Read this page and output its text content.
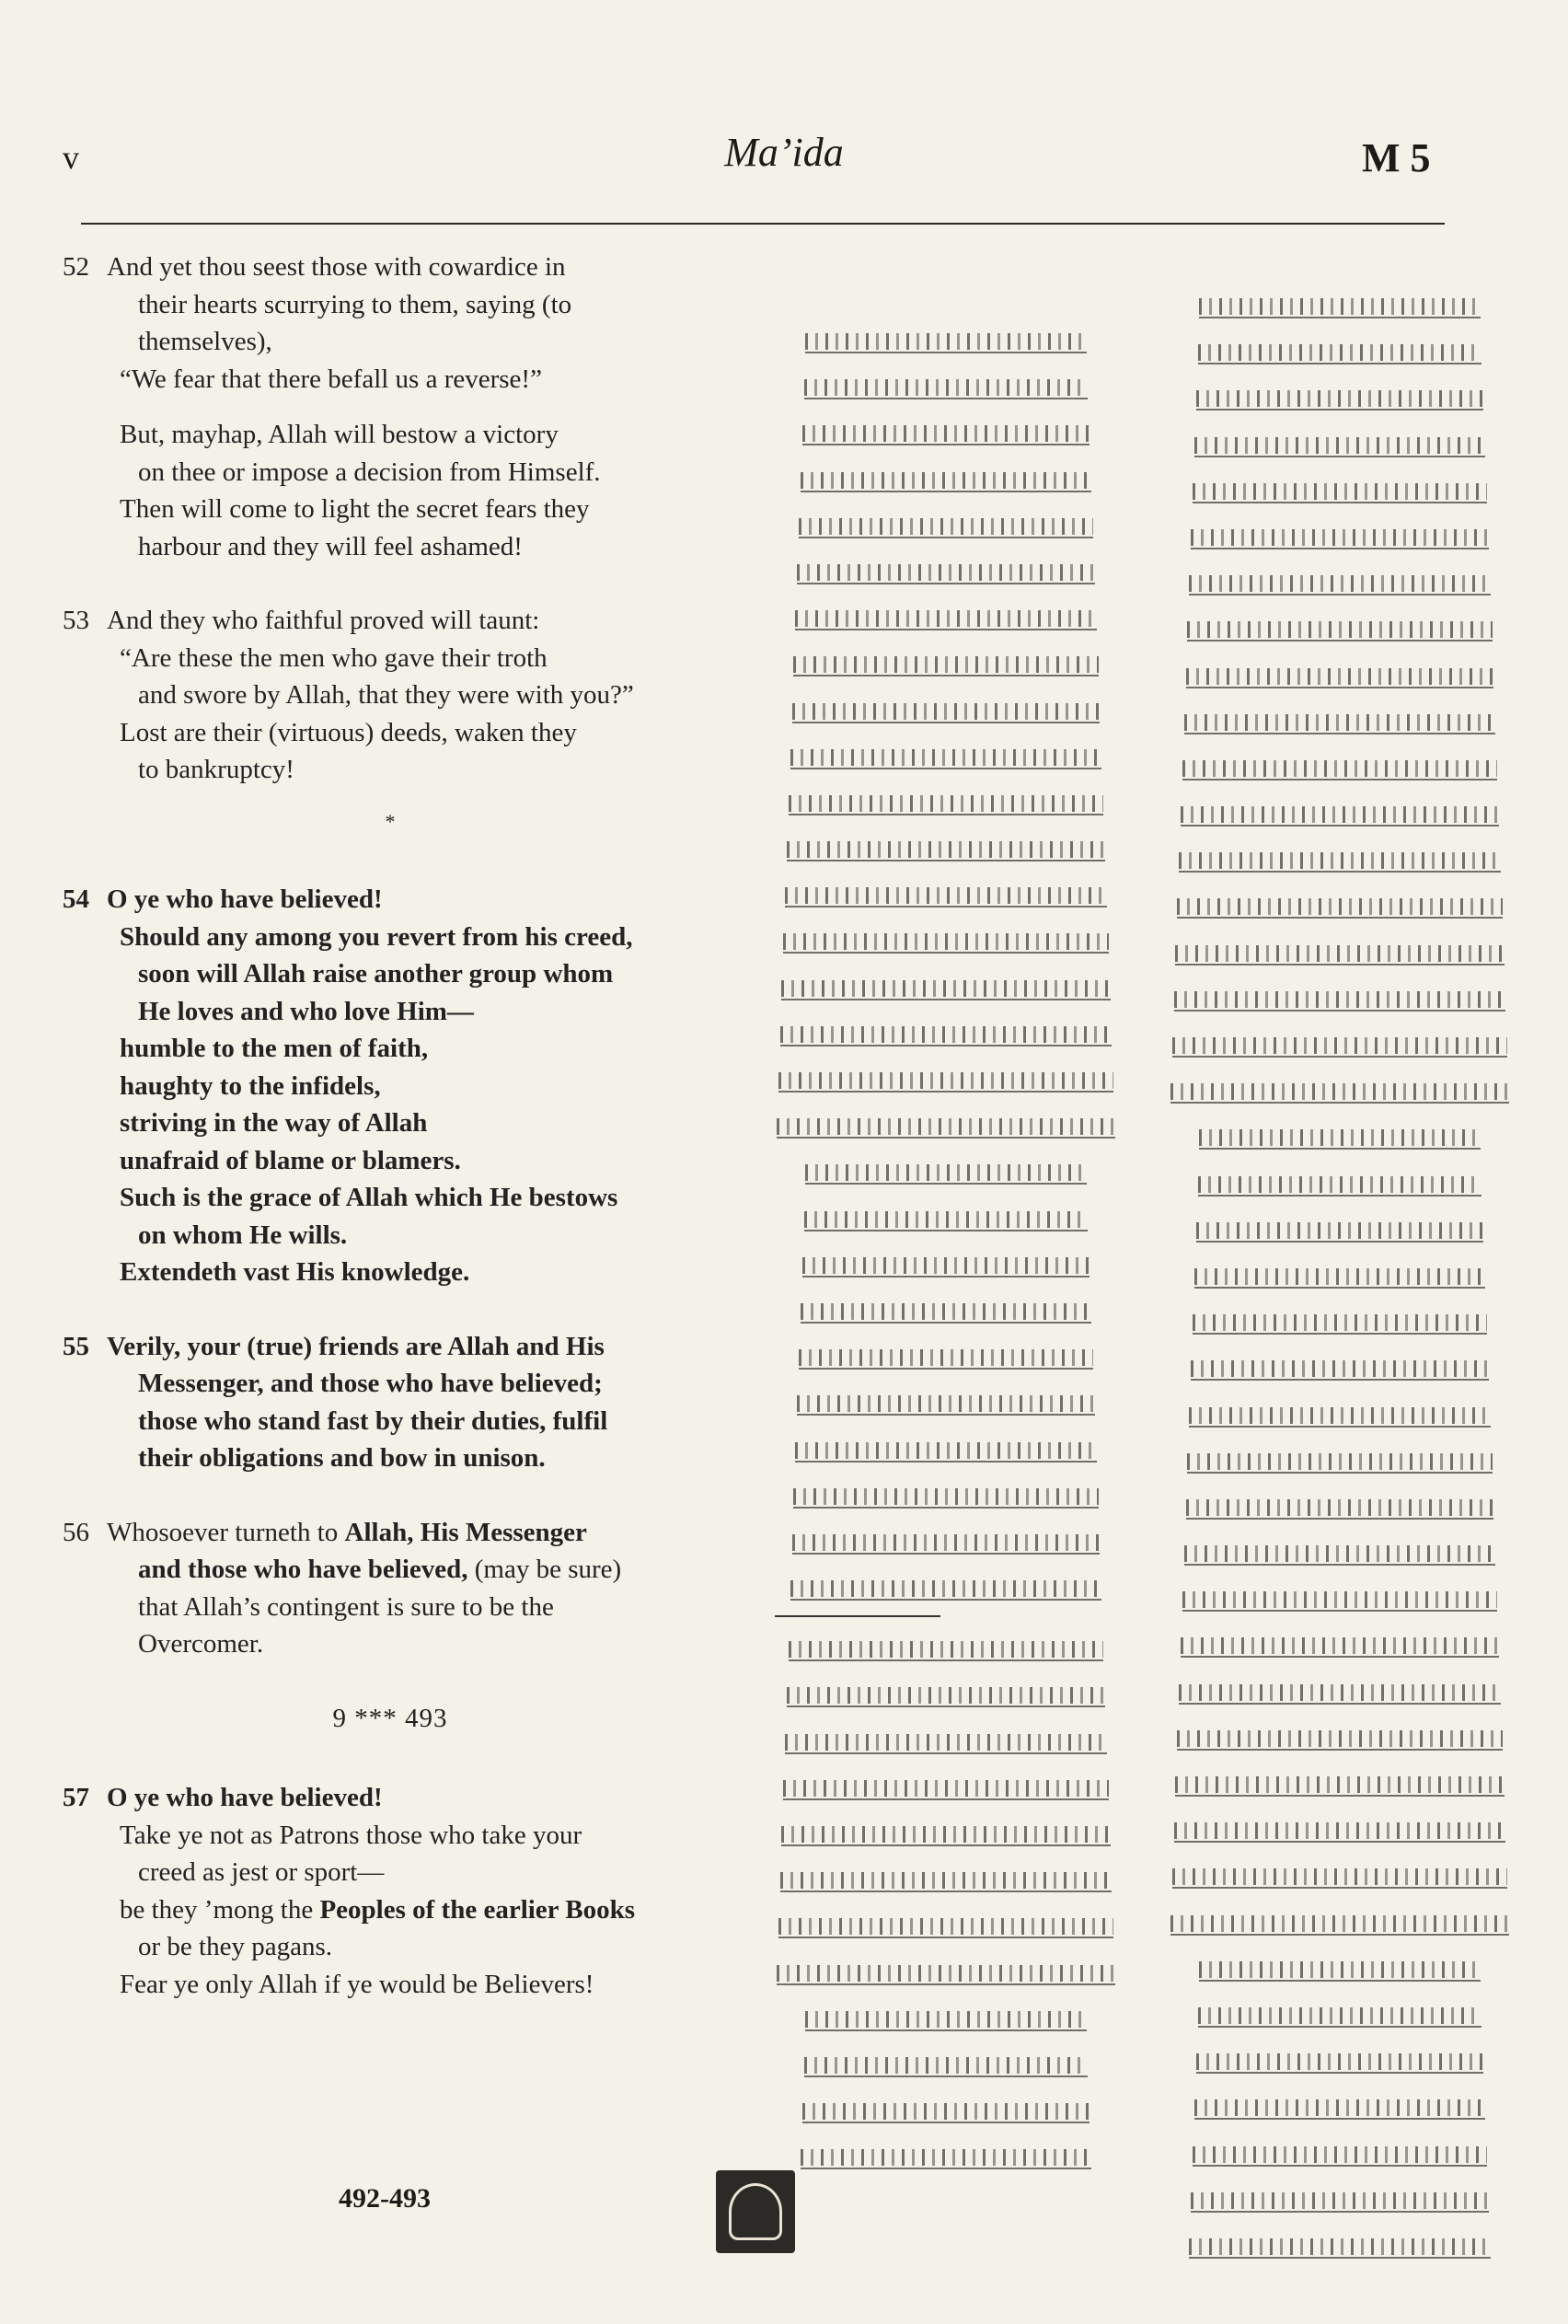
v	Ma’ida	M 5
52 And yet thou seest those with cowardice in
their hearts scurrying to them, saying (to
themselves),
“We fear that there befall us a reverse!”
But, mayhap, Allah will bestow a victory
on thee or impose a decision from Himself.
Then will come to light the secret fears they
harbour and they will feel ashamed!
53 And they who faithful proved will taunt:
“Are these the men who gave their troth
and swore by Allah, that they were with you?”
Lost are their (virtuous) deeds, waken they
to bankruptcy!
*
54 O ye who have believed!
Should any among you revert from his creed,
soon will Allah raise another group whom
He loves and who love Him—
humble to the men of faith,
haughty to the infidels,
striving in the way of Allah
unafraid of blame or blamers.
Such is the grace of Allah which He bestows
on whom He wills.
Extendeth vast His knowledge.
55 Verily, your (true) friends are Allah and His
Messenger, and those who have believed;
those who stand fast by their duties, fulfil
their obligations and bow in unison.
56 Whosoever turneth to Allah, His Messenger
and those who have believed, (may be sure)
that Allah’s contingent is sure to be the
Overcomer.
9 *** 493
57 O ye who have believed!
Take ye not as Patrons those who take your
creed as jest or sport—
be they ’mong the Peoples of the earlier Books
or be they pagans.
Fear ye only Allah if ye would be Believers!
492-493
